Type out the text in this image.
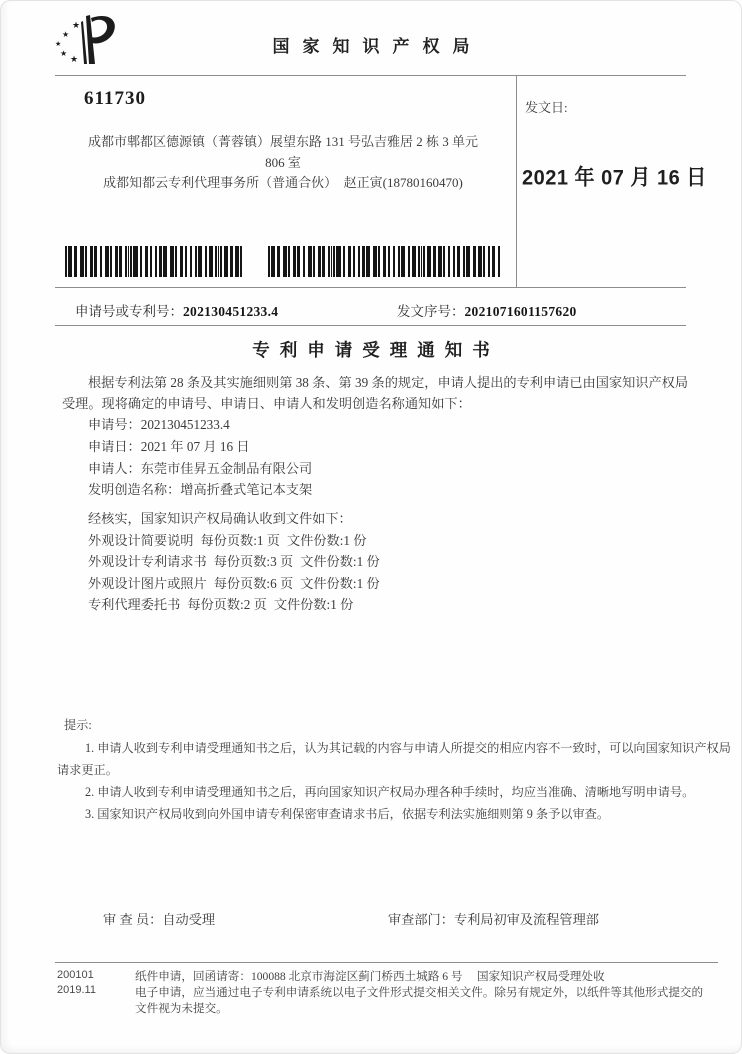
★
★
★
★
★
国家知识产权局
611730
成都市郫都区德源镇（菁蓉镇）展望东路 131 号弘吉雅居 2 栋 3 单元
806 室
成都知都云专利代理事务所（普通合伙）　赵正寅(18780160470)
发文日:
2021 年 07 月 16 日
申请号或专利号：202130451233.4	发文序号：2021071601157620
专利申请受理通知书
根据专利法第 28 条及其实施细则第 38 条、第 39 条的规定，申请人提出的专利申请已由国家知识产权局
受理。现将确定的申请号、申请日、申请人和发明创造名称通知如下：
申请号：202130451233.4
申请日：2021 年 07 月 16 日
申请人：东莞市佳昇五金制品有限公司
发明创造名称：增高折叠式笔记本支架
经核实，国家知识产权局确认收到文件如下：
外观设计简要说明 每份页数:1 页 文件份数:1 份
外观设计专利请求书 每份页数:3 页 文件份数:1 份
外观设计图片或照片 每份页数:6 页 文件份数:1 份
专利代理委托书 每份页数:2 页 文件份数:1 份
提示:
1. 申请人收到专利申请受理通知书之后，认为其记载的内容与申请人所提交的相应内容不一致时，可以向国家知识产权局
请求更正。
2. 申请人收到专利申请受理通知书之后，再向国家知识产权局办理各种手续时，均应当准确、清晰地写明申请号。
3. 国家知识产权局收到向外国申请专利保密审查请求书后，依据专利法实施细则第 9 条予以审查。
审 查 员：自动受理	审查部门：专利局初审及流程管理部
200101
2019.11
纸件申请，回函请寄：100088 北京市海淀区蓟门桥西土城路 6 号　 国家知识产权局受理处收
电子申请，应当通过电子专利申请系统以电子文件形式提交相关文件。除另有规定外，以纸件等其他形式提交的
文件视为未提交。
